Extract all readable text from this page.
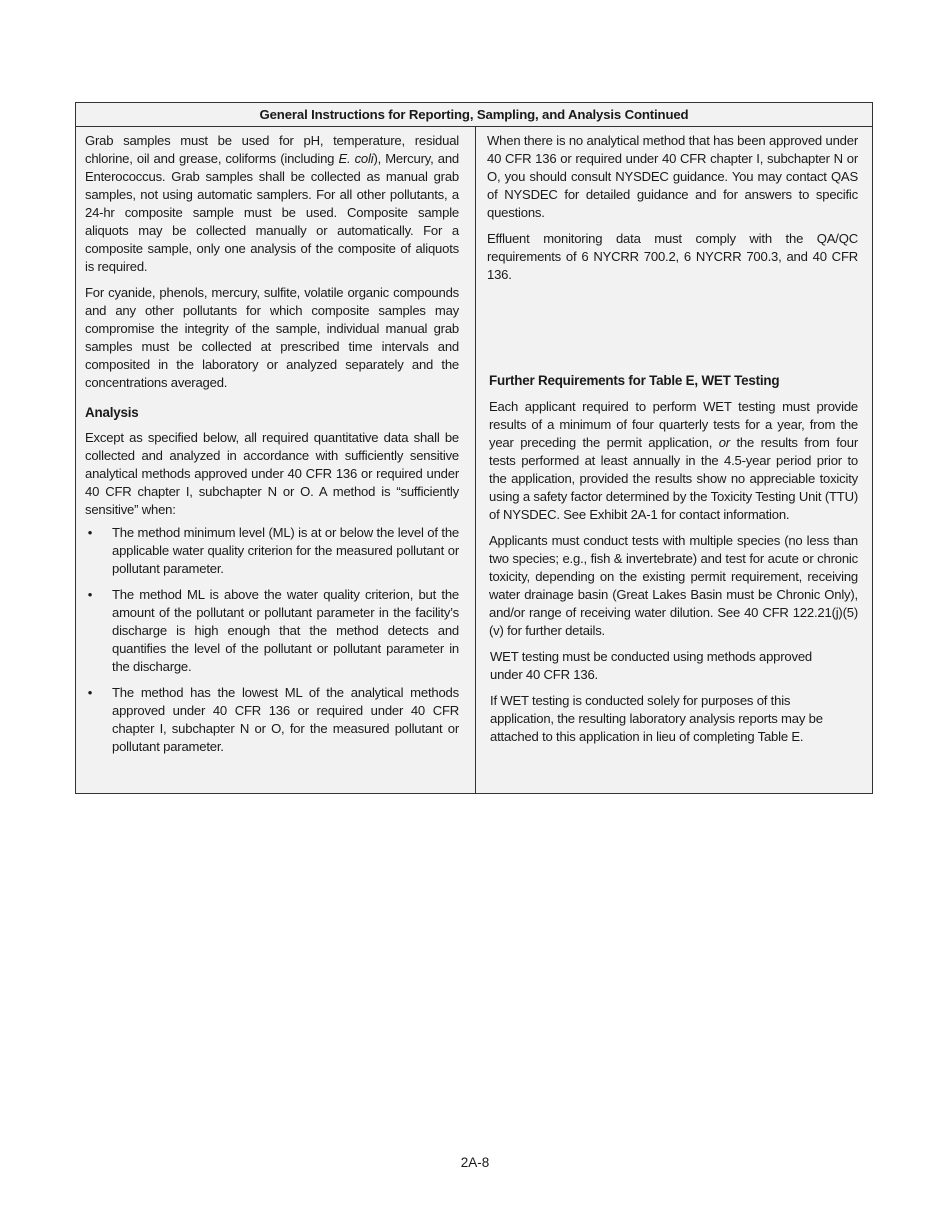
General Instructions for Reporting, Sampling, and Analysis Continued

Grab samples must be used for pH, temperature, residual chlorine, oil and grease, coliforms (including E. coli), Mercury, and Enterococcus. Grab samples shall be collected as manual grab samples, not using automatic samplers. For all other pollutants, a 24-hr composite sample must be used. Composite sample aliquots may be collected manually or automatically. For a composite sample, only one analysis of the composite of aliquots is required.

For cyanide, phenols, mercury, sulfite, volatile organic compounds and any other pollutants for which composite samples may compromise the integrity of the sample, individual manual grab samples must be collected at prescribed time intervals and composited in the laboratory or analyzed separately and the concentrations averaged.

Analysis

Except as specified below, all required quantitative data shall be collected and analyzed in accordance with sufficiently sensitive analytical methods approved under 40 CFR 136 or required under 40 CFR chapter I, subchapter N or O. A method is “sufficiently sensitive” when:

• The method minimum level (ML) is at or below the level of the applicable water quality criterion for the measured pollutant or pollutant parameter.
• The method ML is above the water quality criterion, but the amount of the pollutant or pollutant parameter in the facility’s discharge is high enough that the method detects and quantifies the level of the pollutant or pollutant parameter in the discharge.
• The method has the lowest ML of the analytical methods approved under 40 CFR 136 or required under 40 CFR chapter I, subchapter N or O, for the measured pollutant or pollutant parameter.

When there is no analytical method that has been approved under 40 CFR 136 or required under 40 CFR chapter I, subchapter N or O, you should consult NYSDEC guidance. You may contact QAS of NYSDEC for detailed guidance and for answers to specific questions.

Effluent monitoring data must comply with the QA/QC requirements of 6 NYCRR 700.2, 6 NYCRR 700.3, and 40 CFR 136.

Further Requirements for Table E, WET Testing

Each applicant required to perform WET testing must provide results of a minimum of four quarterly tests for a year, from the year preceding the permit application, or the results from four tests performed at least annually in the 4.5-year period prior to the application, provided the results show no appreciable toxicity using a safety factor determined by the Toxicity Testing Unit (TTU) of NYSDEC. See Exhibit 2A-1 for contact information.

Applicants must conduct tests with multiple species (no less than two species; e.g., fish & invertebrate) and test for acute or chronic toxicity, depending on the existing permit requirement, receiving water drainage basin (Great Lakes Basin must be Chronic Only), and/or range of receiving water dilution. See 40 CFR 122.21(j)(5)(v) for further details.

WET testing must be conducted using methods approved under 40 CFR 136.

If WET testing is conducted solely for purposes of this application, the resulting laboratory analysis reports may be attached to this application in lieu of completing Table E.

2A-8
